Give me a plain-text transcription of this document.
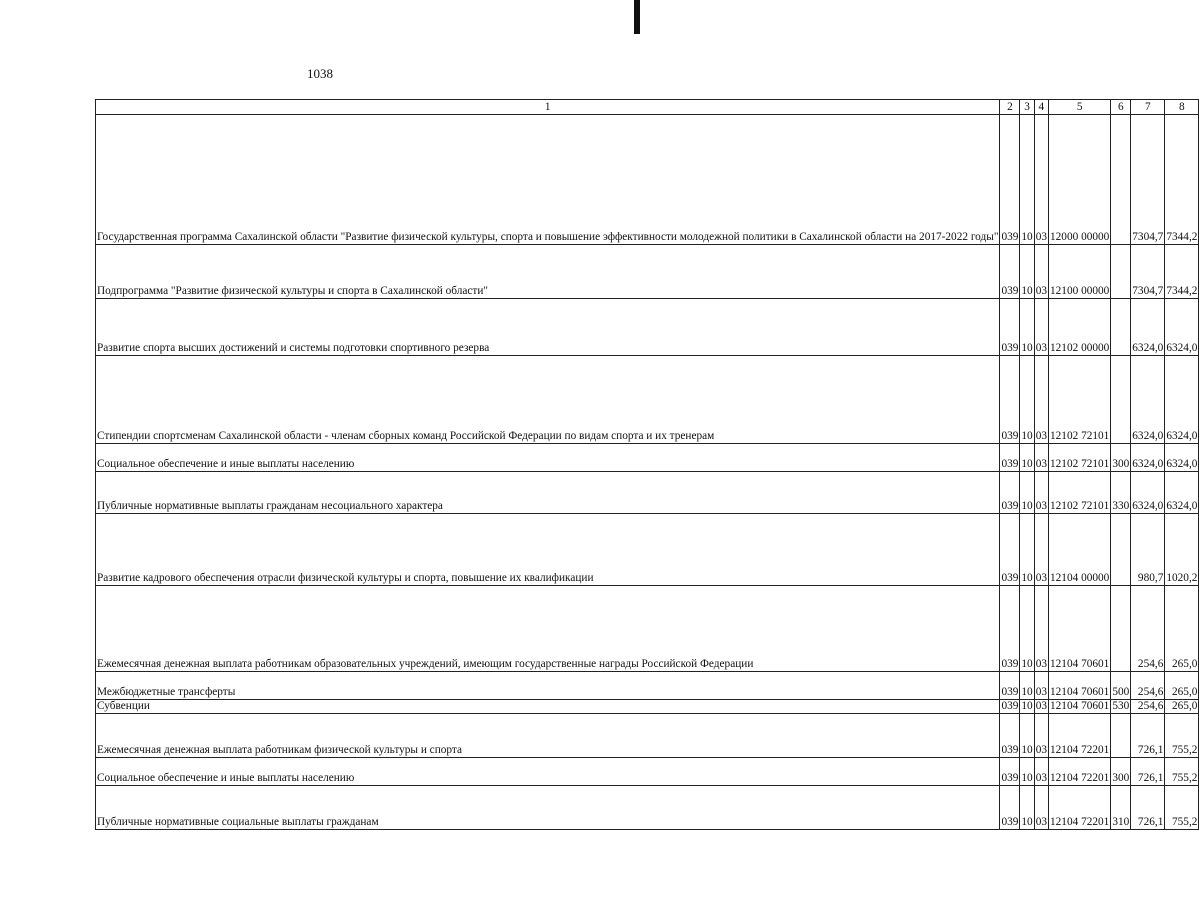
1038
1	2	3	4	5	6	7	8
Государственная программа Сахалинской области "Развитие физической культуры, спорта и повышение эффективности молодежной политики в Сахалинской области на 2017-2022 годы"	039	10	03	12000 00000		7304,7	7344,2
Подпрограмма "Развитие физической культуры и спорта в Сахалинской области"	039	10	03	12100 00000		7304,7	7344,2
Развитие спорта высших достижений и системы подготовки спортивного резерва	039	10	03	12102 00000		6324,0	6324,0
Стипендии спортсменам Сахалинской области - членам сборных команд Российской Федерации по видам спорта и их тренерам	039	10	03	12102 72101		6324,0	6324,0
Социальное обеспечение и иные выплаты населению	039	10	03	12102 72101	300	6324,0	6324,0
Публичные нормативные выплаты гражданам несоциального характера	039	10	03	12102 72101	330	6324,0	6324,0
Развитие кадрового обеспечения отрасли физической культуры и спорта, повышение их квалификации	039	10	03	12104 00000		980,7	1020,2
Ежемесячная денежная выплата работникам образовательных учреждений, имеющим государственные награды Российской Федерации	039	10	03	12104 70601		254,6	265,0
Межбюджетные трансферты	039	10	03	12104 70601	500	254,6	265,0
Субвенции	039	10	03	12104 70601	530	254,6	265,0
Ежемесячная денежная выплата работникам физической культуры и спорта	039	10	03	12104 72201		726,1	755,2
Социальное обеспечение и иные выплаты населению	039	10	03	12104 72201	300	726,1	755,2
Публичные нормативные социальные выплаты гражданам	039	10	03	12104 72201	310	726,1	755,2
